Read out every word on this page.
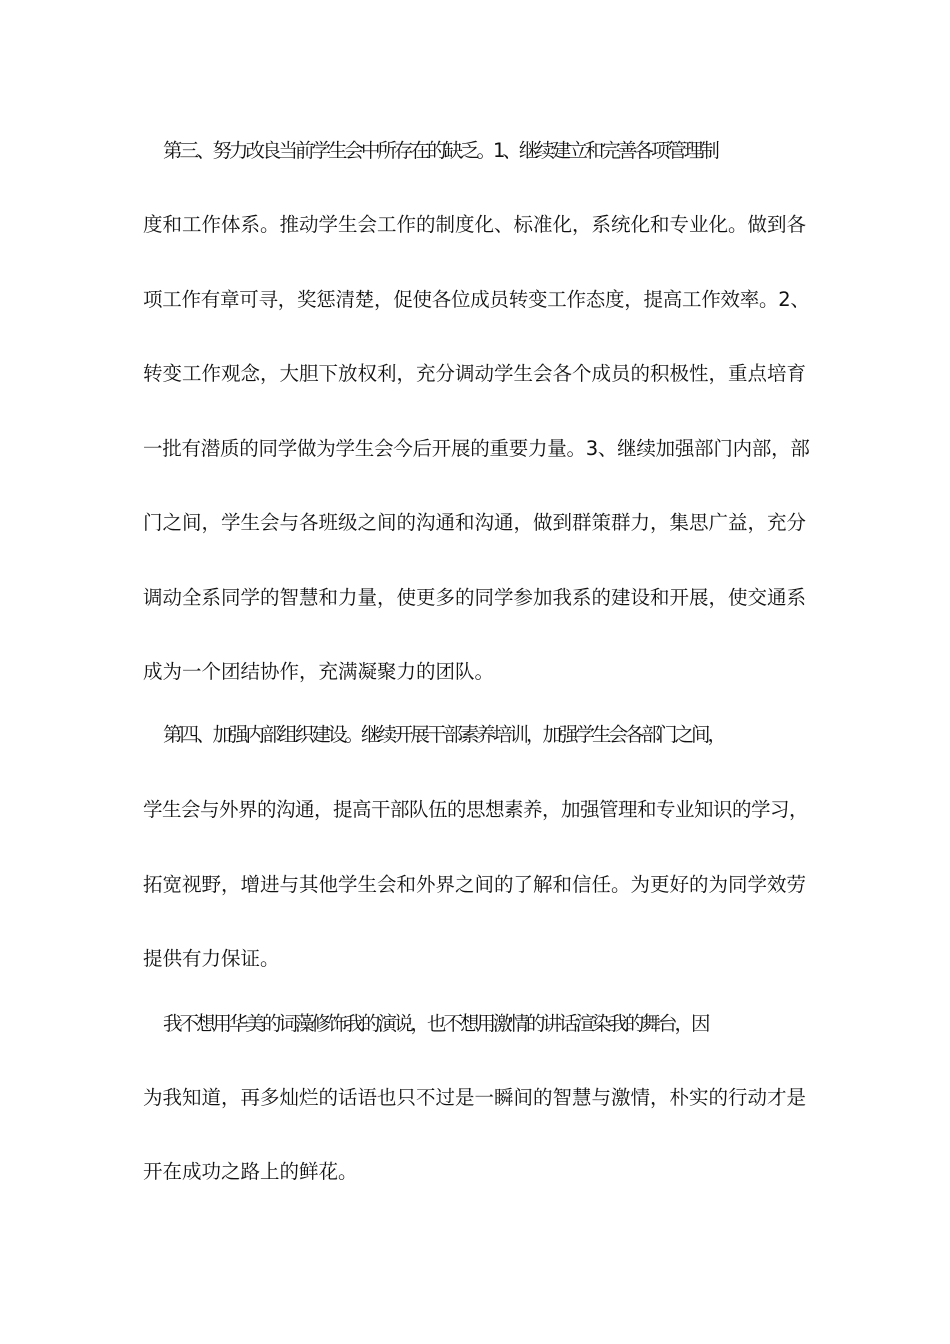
第三、努力改良当前学生会中所存在的缺乏。1、继续建立和完善各项管理制
度和工作体系。推动学生会工作的制度化、标准化，系统化和专业化。做到各
项工作有章可寻，奖惩清楚，促使各位成员转变工作态度，提高工作效率。2、
转变工作观念，大胆下放权利，充分调动学生会各个成员的积极性，重点培育
一批有潜质的同学做为学生会今后开展的重要力量。3、继续加强部门内部，部
门之间，学生会与各班级之间的沟通和沟通，做到群策群力，集思广益，充分
调动全系同学的智慧和力量，使更多的同学参加我系的建设和开展，使交通系
成为一个团结协作，充满凝聚力的团队。
第四、加强内部组织建设。继续开展干部素养培训，加强学生会各部门之间，
学生会与外界的沟通，提高干部队伍的思想素养，加强管理和专业知识的学习，
拓宽视野，增进与其他学生会和外界之间的了解和信任。为更好的为同学效劳
提供有力保证。
我不想用华美的词藻修饰我的演说，也不想用激情的讲话渲染我的舞台，因
为我知道，再多灿烂的话语也只不过是一瞬间的智慧与激情，朴实的行动才是
开在成功之路上的鲜花。
